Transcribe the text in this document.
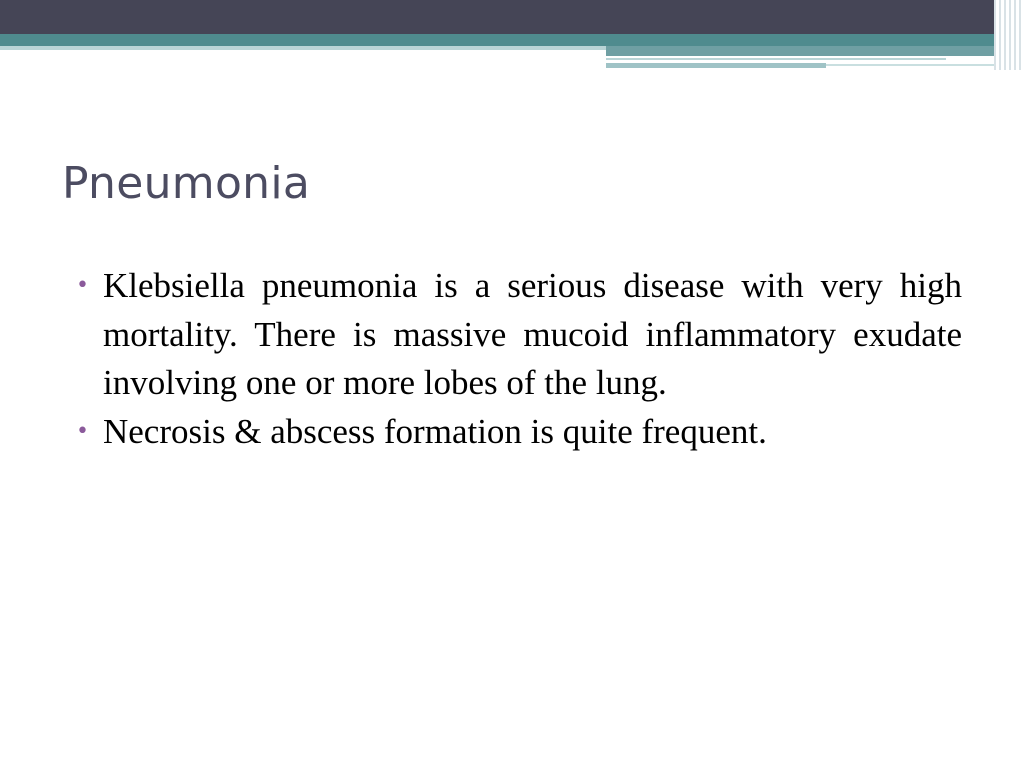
Pneumonia
• Klebsiella pneumonia is a serious disease with very high mortality. There is massive mucoid inflammatory exudate involving one or more lobes of the lung.
• Necrosis & abscess formation is quite frequent.
